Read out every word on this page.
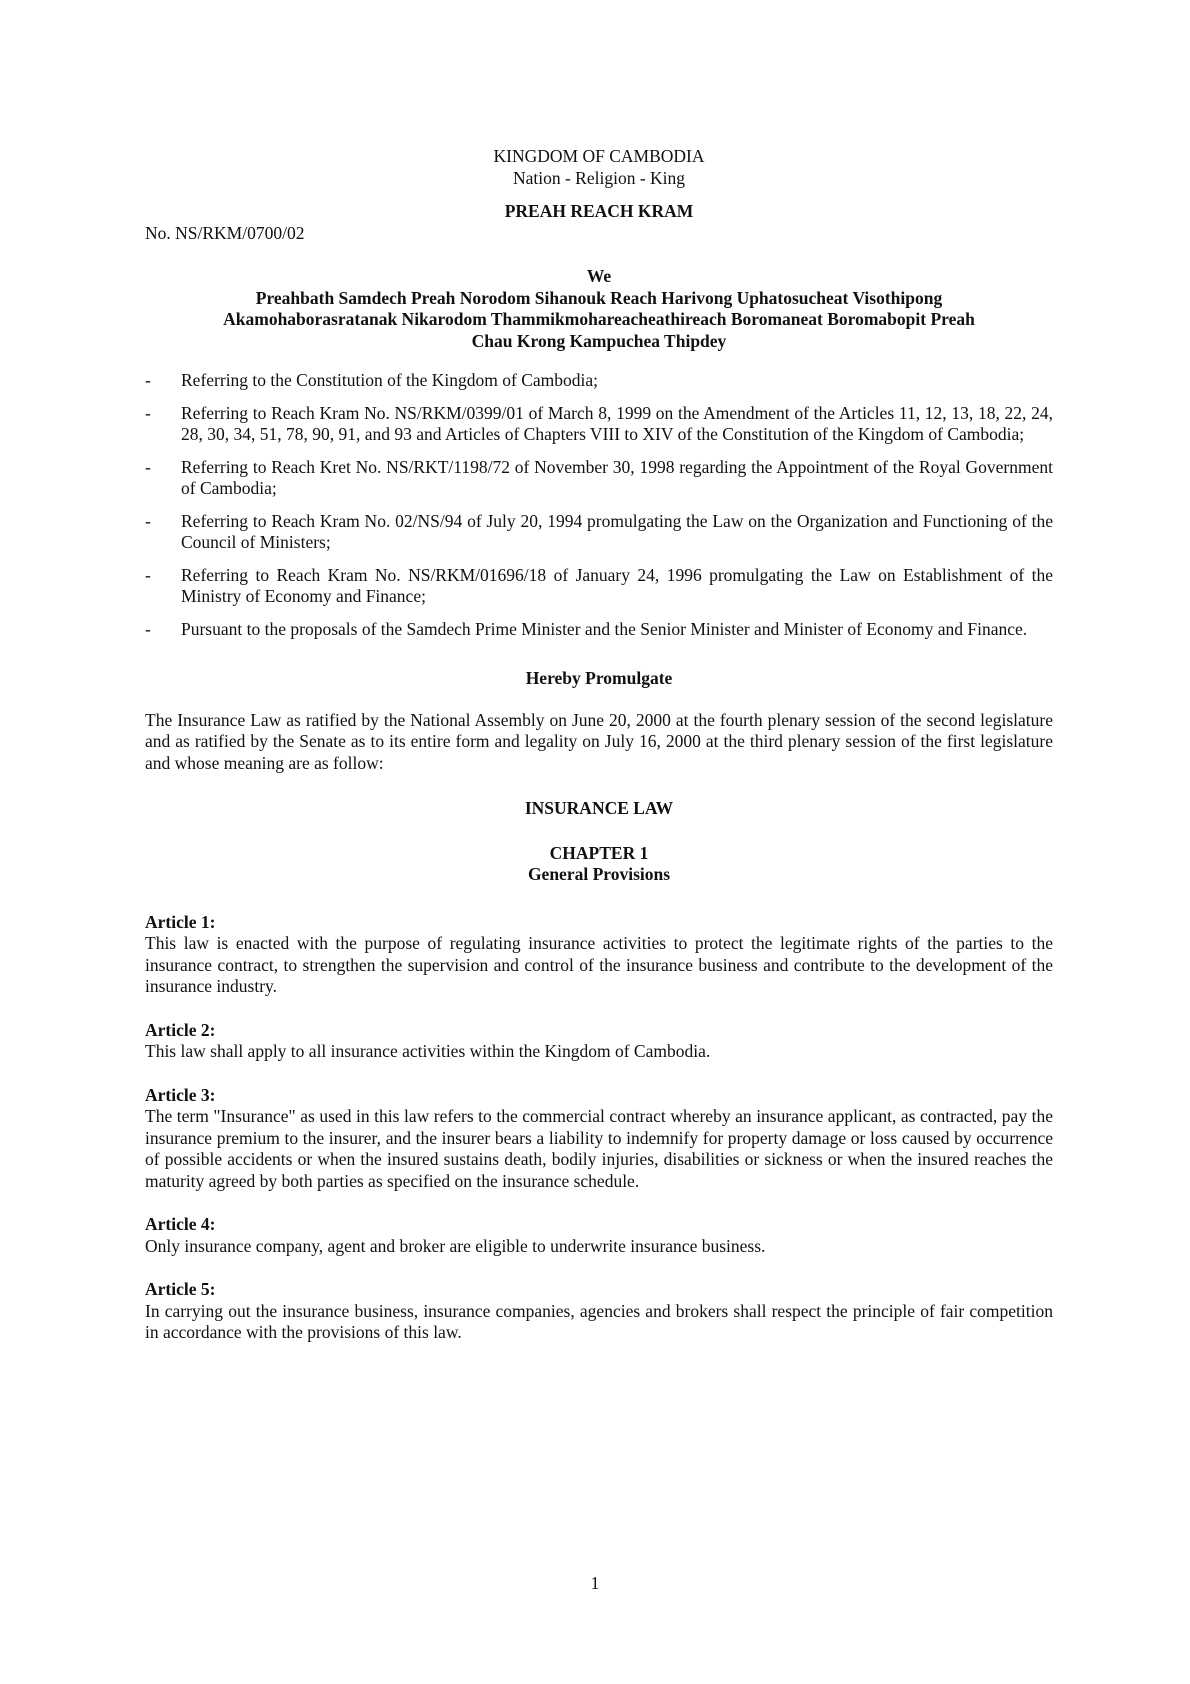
KINGDOM OF CAMBODIA
Nation - Religion - King
PREAH REACH KRAM
No. NS/RKM/0700/02
We
Preahbath Samdech Preah Norodom Sihanouk Reach Harivong Uphatosucheat Visothipong
Akamohaborasratanak Nikarodom Thammikmohareacheathireach Boromaneat Boromabopit Preah
Chau Krong Kampuchea Thipdey
- Referring to the Constitution of the Kingdom of Cambodia;
- Referring to Reach Kram No. NS/RKM/0399/01 of March 8, 1999 on the Amendment of the Articles 11, 12, 13, 18, 22, 24, 28, 30, 34, 51, 78, 90, 91, and 93 and Articles of Chapters VIII to XIV of the Constitution of the Kingdom of Cambodia;
- Referring to Reach Kret No. NS/RKT/1198/72 of November 30, 1998 regarding the Appointment of the Royal Government of Cambodia;
- Referring to Reach Kram No. 02/NS/94 of July 20, 1994 promulgating the Law on the Organization and Functioning of the Council of Ministers;
- Referring to Reach Kram No. NS/RKM/01696/18 of January 24, 1996 promulgating the Law on Establishment of the Ministry of Economy and Finance;
- Pursuant to the proposals of the Samdech Prime Minister and the Senior Minister and Minister of Economy and Finance.
Hereby Promulgate

The Insurance Law as ratified by the National Assembly on June 20, 2000 at the fourth plenary session of the second legislature and as ratified by the Senate as to its entire form and legality on July 16, 2000 at the third plenary session of the first legislature and whose meaning are as follow:

INSURANCE LAW
CHAPTER 1
General Provisions
Article 1:

This law is enacted with the purpose of regulating insurance activities to protect the legitimate rights of the parties to the insurance contract, to strengthen the supervision and control of the insurance business and contribute to the development of the insurance industry.

Article 2:

This law shall apply to all insurance activities within the Kingdom of Cambodia.

Article 3:

The term "Insurance" as used in this law refers to the commercial contract whereby an insurance applicant, as contracted, pay the insurance premium to the insurer, and the insurer bears a liability to indemnify for property damage or loss caused by occurrence of possible accidents or when the insured sustains death, bodily injuries, disabilities or sickness or when the insured reaches the maturity agreed by both parties as specified on the insurance schedule.

Article 4:

Only insurance company, agent and broker are eligible to underwrite insurance business.

Article 5:

In carrying out the insurance business, insurance companies, agencies and brokers shall respect the principle of fair competition in accordance with the provisions of this law.

1
